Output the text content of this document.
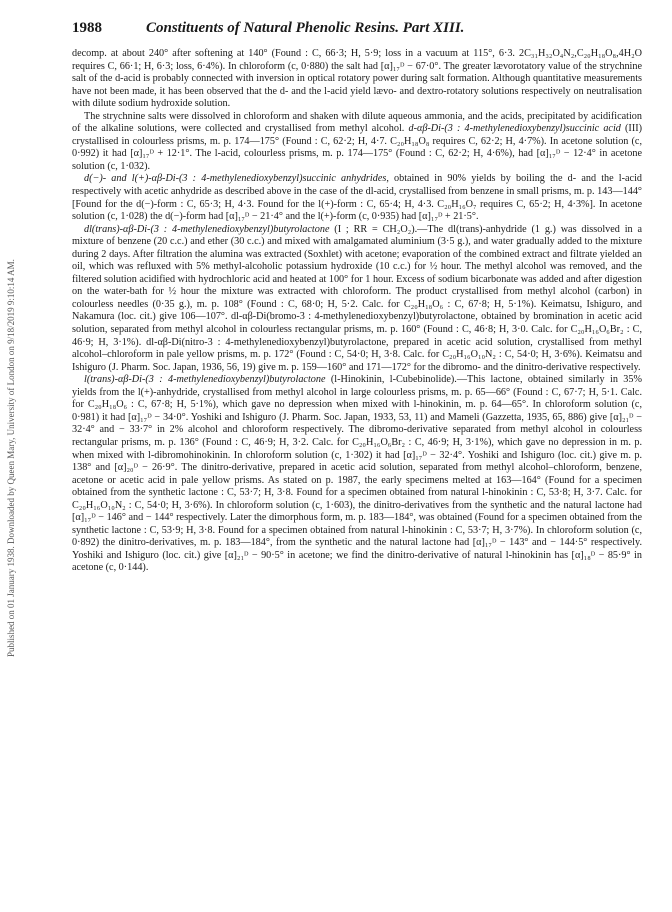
1988	Constituents of Natural Phenolic Resins. Part XIII.
Published on 01 January 1938. Downloaded by Queen Mary, University of London on 9/18/2019 9:10:14 AM.

decomp. at about 240° after softening at 140° (Found : C, 66·3; H, 5·9; loss in a vacuum at 115°, 6·3. 2C₃₁H₃₂O₄N₂,C₂₀H₁₈O₈,4H₂O requires C, 66·1; H, 6·3; loss, 6·4%). In chloroform (c, 0·880) the salt had [α]₁₇ᴰ − 67·0°. The greater lævorotatory value of the strychnine salt of the d-acid is probably connected with inversion in optical rotatory power during salt formation. Although quantitative measurements have not been made, it has been observed that the d- and the l-acid yield lævo- and dextro-rotatory solutions respectively on neutralisation with dilute sodium hydroxide solution.

The strychnine salts were dissolved in chloroform and shaken with dilute aqueous ammonia, and the acids, precipitated by acidification of the alkaline solutions, were collected and crystallised from methyl alcohol. d-αβ-Di-(3 : 4-methylenedioxybenzyl)succinic acid (III) crystallised in colourless prisms, m. p. 174—175° (Found : C, 62·2; H, 4·7. C₂₀H₁₈O₈ requires C, 62·2; H, 4·7%). In acetone solution (c, 0·992) it had [α]₁₇ᴰ + 12·1°. The l-acid, colourless prisms, m. p. 174—175° (Found : C, 62·2; H, 4·6%), had [α]₁₇ᴰ − 12·4° in acetone solution (c, 1·032).

d(−)- and l(+)-αβ-Di-(3 : 4-methylenedioxybenzyl)succinic anhydrides, obtained in 90% yields by boiling the d- and the l-acid respectively with acetic anhydride as described above in the case of the dl-acid, crystallised from benzene in small prisms, m. p. 143—144° [Found for the d(−)-form : C, 65·3; H, 4·3. Found for the l(+)-form : C, 65·4; H, 4·3. C₂₀H₁₆O₇ requires C, 65·2; H, 4·3%]. In acetone solution (c, 1·028) the d(−)-form had [α]₁₇ᴰ − 21·4° and the l(+)-form (c, 0·935) had [α]₁₇ᴰ + 21·5°.

dl(trans)-αβ-Di-(3 : 4-methylenedioxybenzyl)butyrolactone (I ; RR = CH₂O₂).—The dl(trans)-anhydride (1 g.) was dissolved in a mixture of benzene (20 c.c.) and ether (30 c.c.) and mixed with amalgamated aluminium (3·5 g.), and water gradually added to the mixture during 2 days. After filtration the alumina was extracted (Soxhlet) with acetone; evaporation of the combined extract and filtrate yielded an oil, which was refluxed with 5% methyl-alcoholic potassium hydroxide (10 c.c.) for ½ hour. The methyl alcohol was removed, and the filtered solution acidified with hydrochloric acid and heated at 100° for 1 hour. Excess of sodium bicarbonate was added and after digestion on the water-bath for ½ hour the mixture was extracted with chloroform. The product crystallised from methyl alcohol (carbon) in colourless needles (0·35 g.), m. p. 108° (Found : C, 68·0; H, 5·2. Calc. for C₂₀H₁₈O₆ : C, 67·8; H, 5·1%). Keimatsu, Ishiguro, and Nakamura (loc. cit.) give 106—107°. dl-αβ-Di(bromo-3 : 4-methylenedioxybenzyl)butyrolactone, obtained by bromination in acetic acid solution, separated from methyl alcohol in colourless rectangular prisms, m. p. 160° (Found : C, 46·8; H, 3·0. Calc. for C₂₀H₁₆O₆Br₂ : C, 46·9; H, 3·1%). dl-αβ-Di(nitro-3 : 4-methylenedioxybenzyl)butyrolactone, prepared in acetic acid solution, crystallised from methyl alcohol–chloroform in pale yellow prisms, m. p. 172° (Found : C, 54·0; H, 3·8. Calc. for C₂₀H₁₆O₁₀N₂ : C, 54·0; H, 3·6%). Keimatsu and Ishiguro (J. Pharm. Soc. Japan, 1936, 56, 19) give m. p. 159—160° and 171—172° for the dibromo- and the dinitro-derivative respectively.

l(trans)-αβ-Di-(3 : 4-methylenedioxybenzyl)butyrolactone (l-Hinokinin, l-Cubebinolide).—This lactone, obtained similarly in 35% yields from the l(+)-anhydride, crystallised from methyl alcohol in large colourless prisms, m. p. 65—66° (Found : C, 67·7; H, 5·1. Calc. for C₂₀H₁₈O₆ : C, 67·8; H, 5·1%), which gave no depression when mixed with l-hinokinin, m. p. 64—65°. In chloroform solution (c, 0·981) it had [α]₁₇ᴰ − 34·0°. Yoshiki and Ishiguro (J. Pharm. Soc. Japan, 1933, 53, 11) and Mameli (Gazzetta, 1935, 65, 886) give [α]₂₁ᴰ − 32·4° and − 33·7° in 2% alcohol and chloroform respectively. The dibromo-derivative separated from methyl alcohol in colourless rectangular prisms, m. p. 136° (Found : C, 46·9; H, 3·2. Calc. for C₂₀H₁₆O₆Br₂ : C, 46·9; H, 3·1%), which gave no depression in m. p. when mixed with l-dibromohinokinin. In chloroform solution (c, 1·302) it had [α]₁₇ᴰ − 32·4°. Yoshiki and Ishiguro (loc. cit.) give m. p. 138° and [α]₂₀ᴰ − 26·9°. The dinitro-derivative, prepared in acetic acid solution, separated from methyl alcohol–chloroform, benzene, acetone or acetic acid in pale yellow prisms. As stated on p. 1987, the early specimens melted at 163—164° (Found for a specimen obtained from the synthetic lactone : C, 53·7; H, 3·8. Found for a specimen obtained from natural l-hinokinin : C, 53·8; H, 3·7. Calc. for C₂₀H₁₆O₁₀N₂ : C, 54·0; H, 3·6%). In chloroform solution (c, 1·603), the dinitro-derivatives from the synthetic and the natural lactone had [α]₁₇ᴰ − 146° and − 144° respectively. Later the dimorphous form, m. p. 183—184°, was obtained (Found for a specimen obtained from the synthetic lactone : C, 53·9; H, 3·8. Found for a specimen obtained from natural l-hinokinin : C, 53·7; H, 3·7%). In chloroform solution (c, 0·892) the dinitro-derivatives, m. p. 183—184°, from the synthetic and the natural lactone had [α]₁₇ᴰ − 143° and − 144·5° respectively. Yoshiki and Ishiguro (loc. cit.) give [α]₂₁ᴰ − 90·5° in acetone; we find the dinitro-derivative of natural l-hinokinin has [α]₁₈ᴰ − 85·9° in acetone (c, 0·144).
